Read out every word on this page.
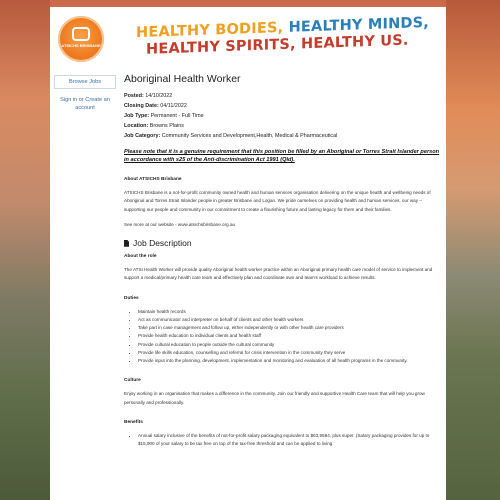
ATSICHS BRISBANE
HEALTHY BODIES, HEALTHY MINDS,
HEALTHY SPIRITS, HEALTHY US.
Browse Jobs
Sign in or Create an account
Aboriginal Health Worker
Posted: 14/10/2022
Closing Date: 04/11/2022
Job Type: Permanent - Full Time
Location: Browns Plains
Job Category: Community Services and Development,Health, Medical & Pharmaceutical
Please note that it is a genuine requirement that this position be filled by an Aboriginal or Torres Strait Islander person in accordance with s25 of the Anti-discrimination Act 1991 (Qld).
About ATSICHS Brisbane

ATSICHS Brisbane is a not-for-profit community owned health and human services organisation delivering on the unique health and wellbeing needs of Aboriginal and Torres Strait Islander people in greater Brisbane and Logan. We pride ourselves on providing health and human services, our way – supporting our people and community in our commitment to create a flourishing future and lasting legacy for them and their families.

See more at our website - www.atsichsbrisbane.org.au

Job Description
About the role

The ATSI Health Worker will provide quality Aboriginal health worker practice within an Aboriginal primary health care model of service to implement and support a medical/primary health care team and effectively plan and coordinate own and team's workload to achieve results.

Duties
• Maintain health records
• Act as communicator and interpreter on behalf of clients and other health workers
• Take part in case management and follow up, either independently or with other health care providers
• Provide health education to individual clients and health staff
• Provide cultural education to people outside the cultural community
• Provide life skills education, counselling and referral for crisis intervention in the community they serve
• Provide input into the planning, development, implementation and monitoring and evaluation of all health programs in the community.
Culture

Enjoy working in an organisation that makes a difference in the community. Join our friendly and supportive Health Care team that will help you grow personally and professionally.

Benefits
• Annual salary inclusive of the benefits of not-for-profit salary packaging equivalent to $63,9594, plus super. (Salary packaging provides for up to $15,900 of your salary to be tax free on top of the tax-free threshold and can be applied to living
